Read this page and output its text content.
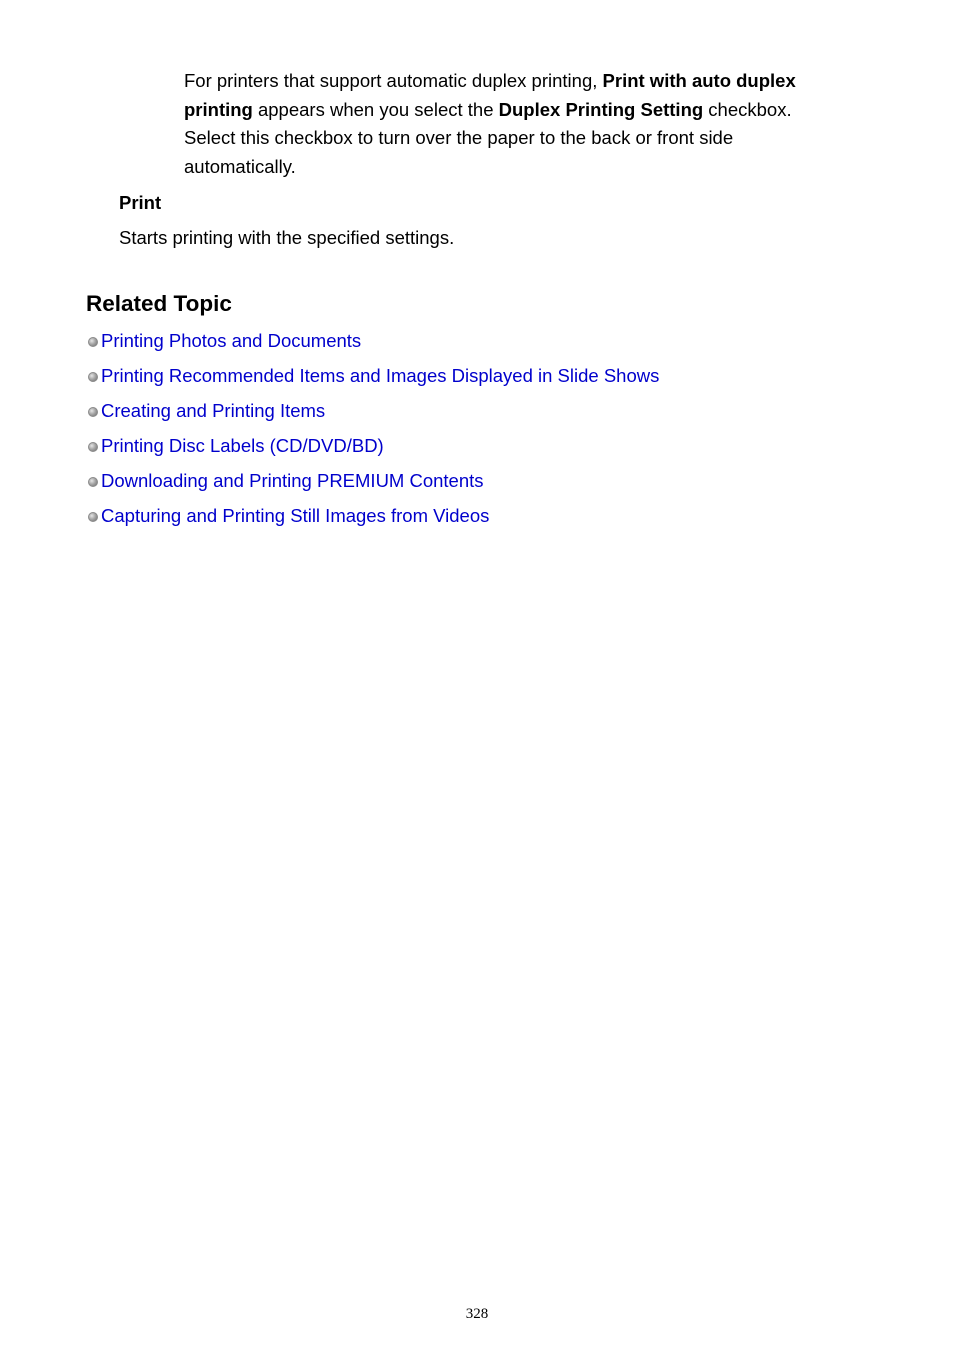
For printers that support automatic duplex printing, Print with auto duplex printing appears when you select the Duplex Printing Setting checkbox. Select this checkbox to turn over the paper to the back or front side automatically.
Print
Starts printing with the specified settings.
Related Topic
Printing Photos and Documents
Printing Recommended Items and Images Displayed in Slide Shows
Creating and Printing Items
Printing Disc Labels (CD/DVD/BD)
Downloading and Printing PREMIUM Contents
Capturing and Printing Still Images from Videos
328
